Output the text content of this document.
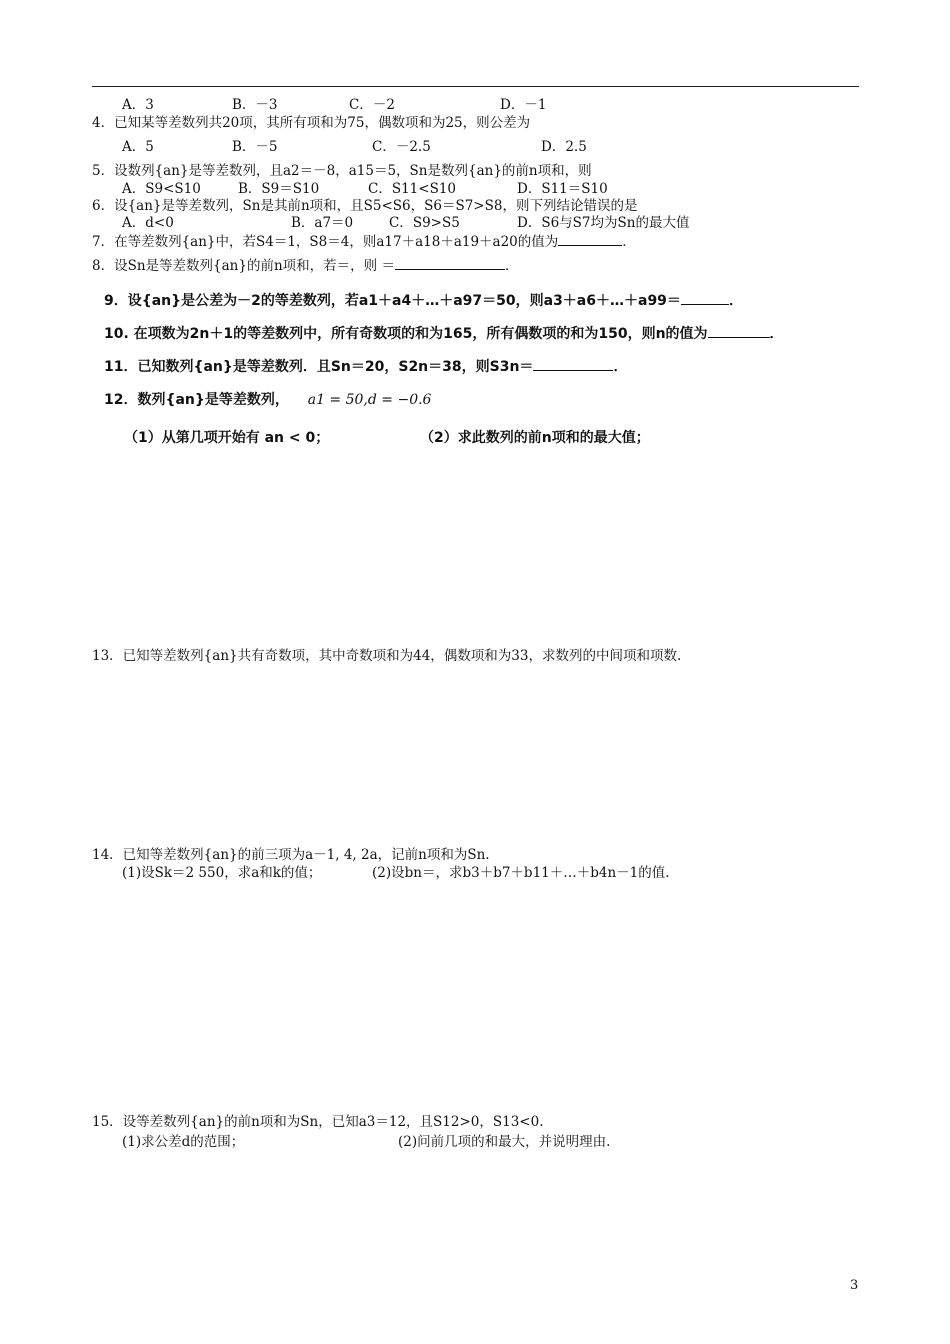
A．3	B．－3	C．－2	D．－1
4．已知某等差数列共20项，其所有项和为75，偶数项和为25，则公差为
A．5	B．－5	C．－2.5	D．2.5
5．设数列{an}是等差数列，且a2＝－8，a15＝5，Sn是数列{an}的前n项和，则
A．S9<S10	B．S9＝S10	C．S11<S10	D．S11＝S10
6．设{an}是等差数列，Sn是其前n项和，且S5<S6，S6＝S7>S8，则下列结论错误的是
A．d<0	B．a7＝0	C．S9>S5	D．S6与S7均为Sn的最大值
7．在等差数列{an}中，若S4＝1，S8＝4，则a17＋a18＋a19＋a20的值为	．
8．设Sn是等差数列{an}的前n项和，若＝，则 ＝	．
9．设{an}是公差为－2的等差数列，若a1＋a4＋…＋a97＝50，则a3＋a6＋…＋a99＝	．
10. 在项数为2n＋1的等差数列中，所有奇数项的和为165，所有偶数项的和为150，则n的值为	．
11．已知数列{an}是等差数列．且Sn＝20，S2n＝38，则S3n＝	．
12．数列{an}是等差数列， a1 = 50,d = −0.6
（1）从第几项开始有 an < 0；	（2）求此数列的前n项和的最大值；
13．已知等差数列{an}共有奇数项，其中奇数项和为44，偶数项和为33，求数列的中间项和项数.
14．已知等差数列{an}的前三项为a－1, 4, 2a，记前n项和为Sn.
(1)设Sk＝2 550，求a和k的值；	(2)设bn＝，求b3＋b7＋b11＋…＋b4n－1的值.
15．设等差数列{an}的前n项和为Sn，已知a3＝12，且S12>0，S13<0.
(1)求公差d的范围；	(2)问前几项的和最大，并说明理由.
3
